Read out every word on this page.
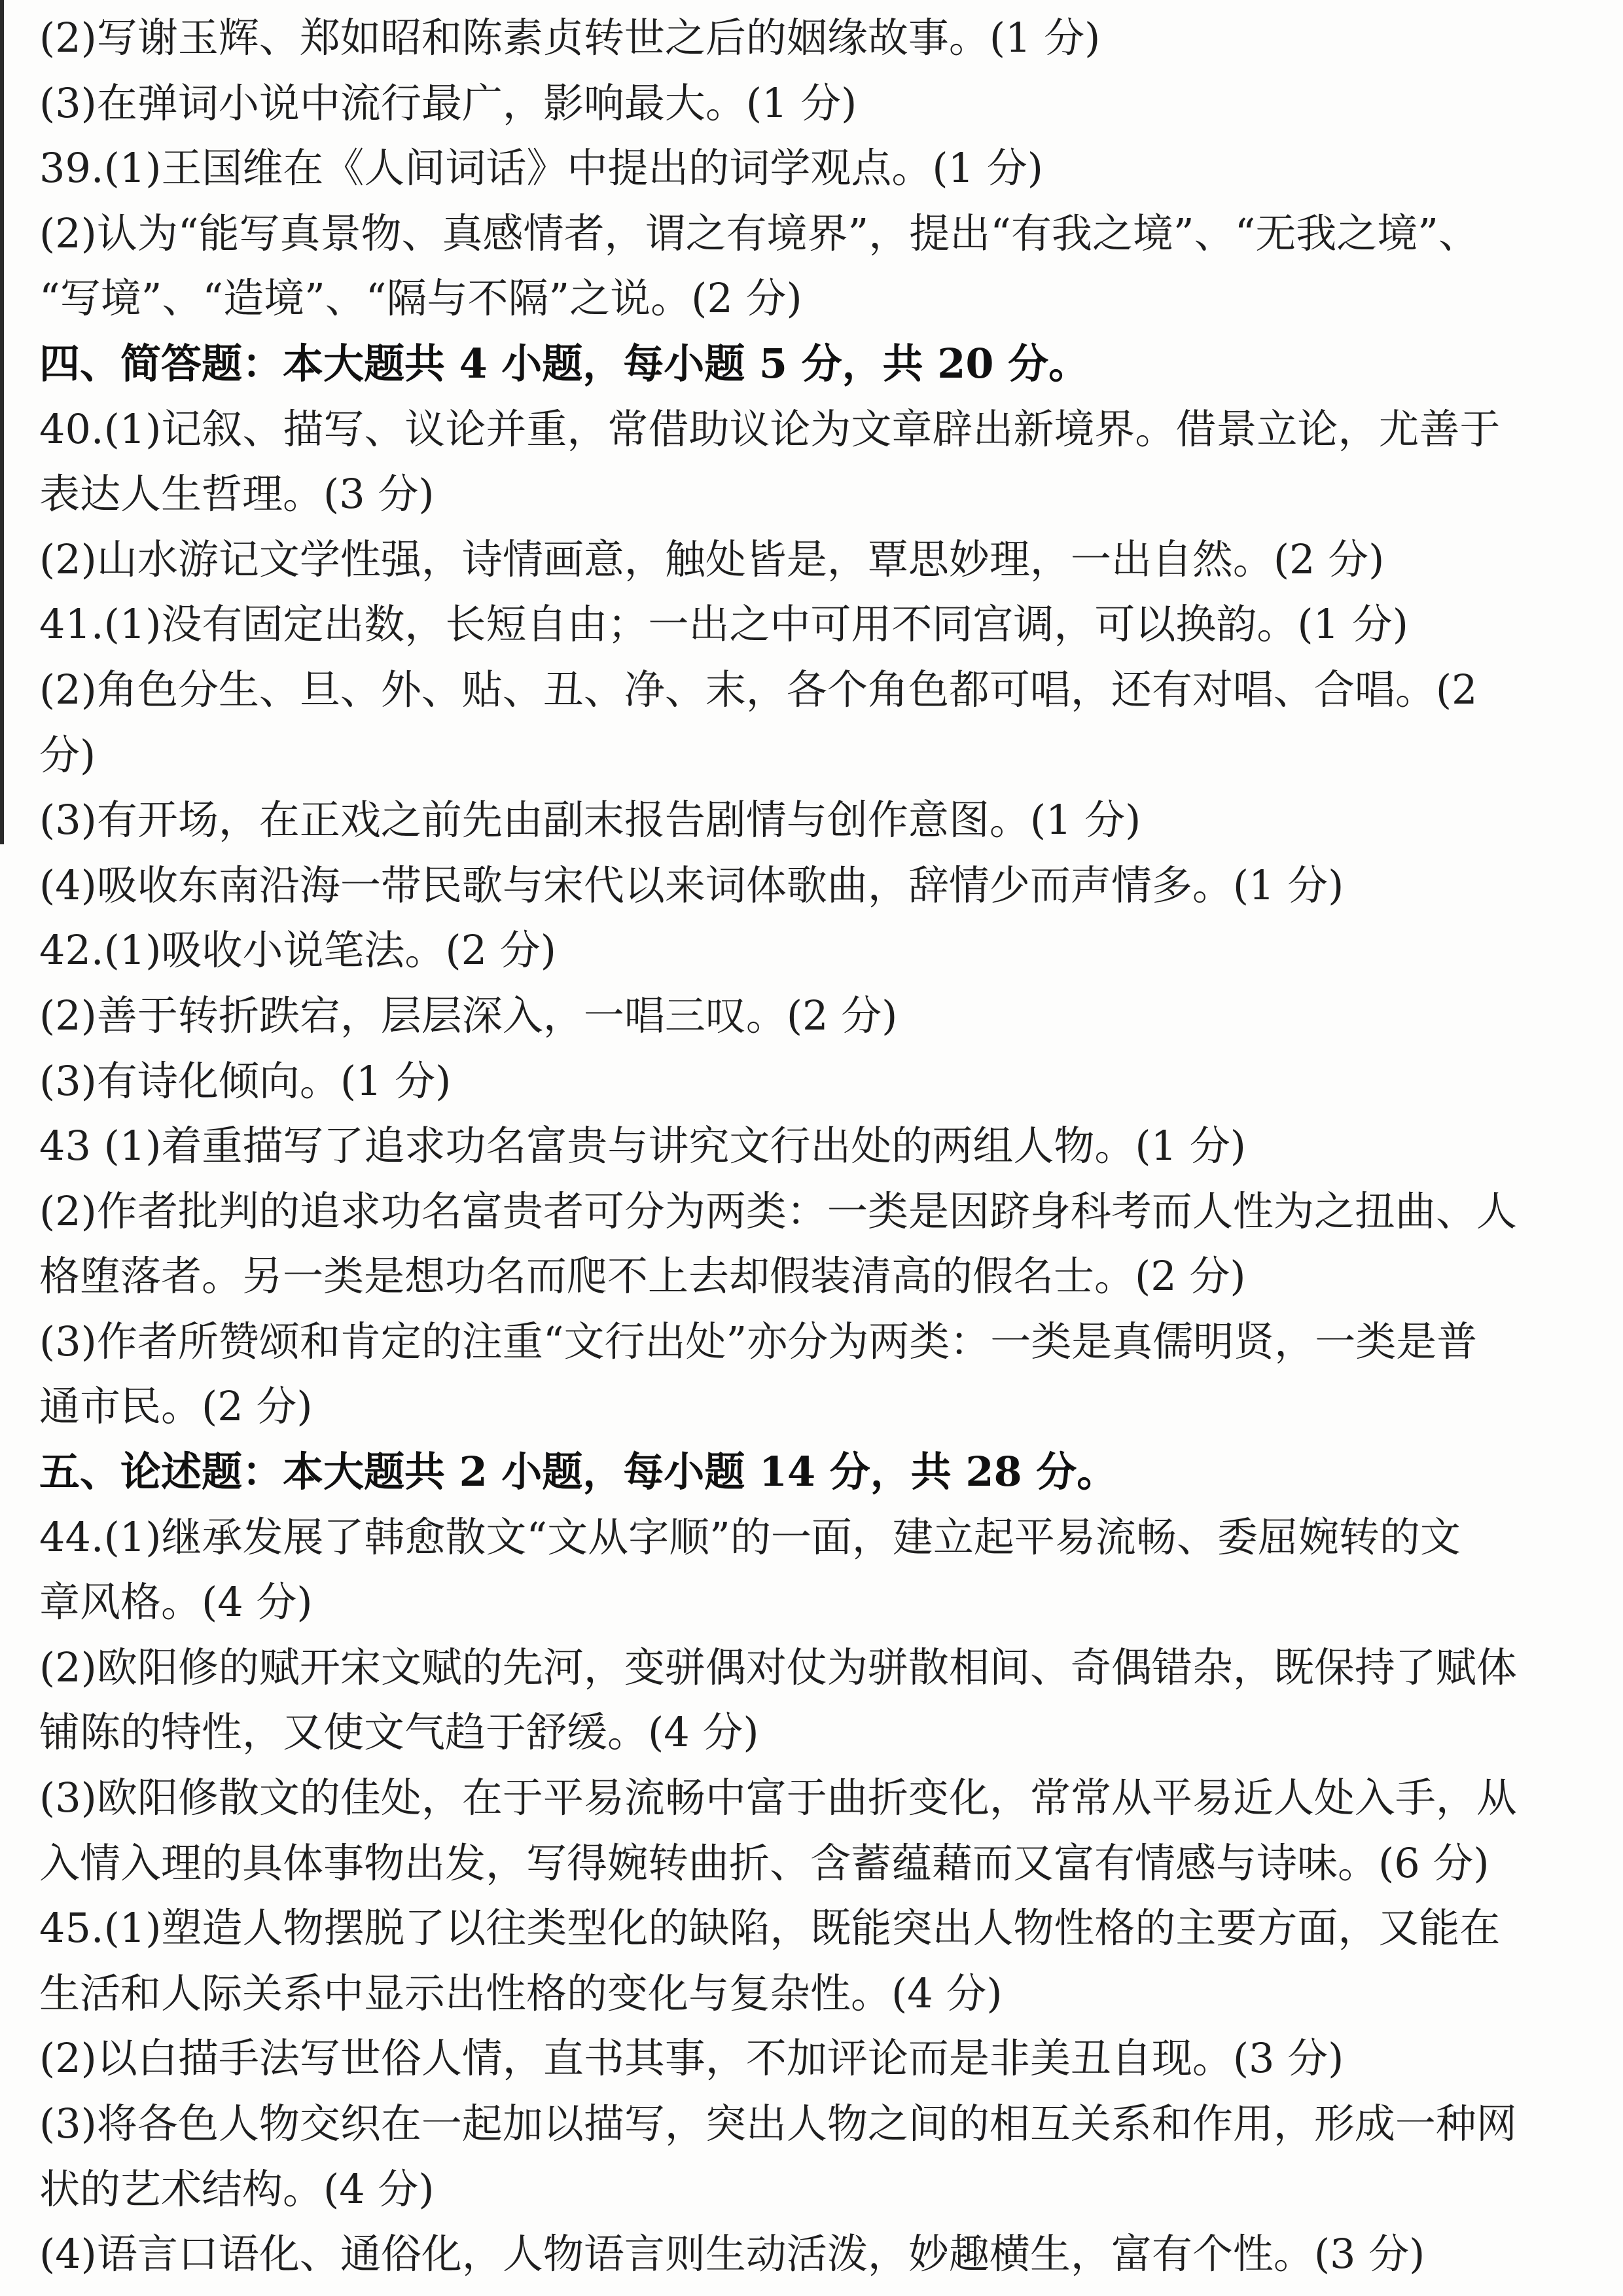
(2)写谢玉辉、郑如昭和陈素贞转世之后的姻缘故事。(1 分)
(3)在弹词小说中流行最广，影响最大。(1 分)
39.(1)王国维在《人间词话》中提出的词学观点。(1 分)
(2)认为“能写真景物、真感情者，谓之有境界”，提出“有我之境”、“无我之境”、
“写境”、“造境”、“隔与不隔”之说。(2 分)
四、简答题：本大题共 4 小题，每小题 5 分，共 20 分。
40.(1)记叙、描写、议论并重，常借助议论为文章辟出新境界。借景立论，尤善于
表达人生哲理。(3 分)
(2)山水游记文学性强，诗情画意，触处皆是，覃思妙理，一出自然。(2 分)
41.(1)没有固定出数，长短自由；一出之中可用不同宫调，可以换韵。(1 分)
(2)角色分生、旦、外、贴、丑、净、末，各个角色都可唱，还有对唱、合唱。(2
分)
(3)有开场，在正戏之前先由副末报告剧情与创作意图。(1 分)
(4)吸收东南沿海一带民歌与宋代以来词体歌曲，辞情少而声情多。(1 分)
42.(1)吸收小说笔法。(2 分)
(2)善于转折跌宕，层层深入，一唱三叹。(2 分)
(3)有诗化倾向。(1 分)
43 (1)着重描写了追求功名富贵与讲究文行出处的两组人物。(1 分)
(2)作者批判的追求功名富贵者可分为两类：一类是因跻身科考而人性为之扭曲、人
格堕落者。另一类是想功名而爬不上去却假装清高的假名士。(2 分)
(3)作者所赞颂和肯定的注重“文行出处”亦分为两类：一类是真儒明贤，一类是普
通市民。(2 分)
五、论述题：本大题共 2 小题，每小题 14 分，共 28 分。
44.(1)继承发展了韩愈散文“文从字顺”的一面，建立起平易流畅、委屈婉转的文
章风格。(4 分)
(2)欧阳修的赋开宋文赋的先河，变骈偶对仗为骈散相间、奇偶错杂，既保持了赋体
铺陈的特性，又使文气趋于舒缓。(4 分)
(3)欧阳修散文的佳处，在于平易流畅中富于曲折变化，常常从平易近人处入手，从
入情入理的具体事物出发，写得婉转曲折、含蓄蕴藉而又富有情感与诗味。(6 分)
45.(1)塑造人物摆脱了以往类型化的缺陷，既能突出人物性格的主要方面，又能在
生活和人际关系中显示出性格的变化与复杂性。(4 分)
(2)以白描手法写世俗人情，直书其事，不加评论而是非美丑自现。(3 分)
(3)将各色人物交织在一起加以描写，突出人物之间的相互关系和作用，形成一种网
状的艺术结构。(4 分)
(4)语言口语化、通俗化，人物语言则生动活泼，妙趣横生，富有个性。(3 分)
